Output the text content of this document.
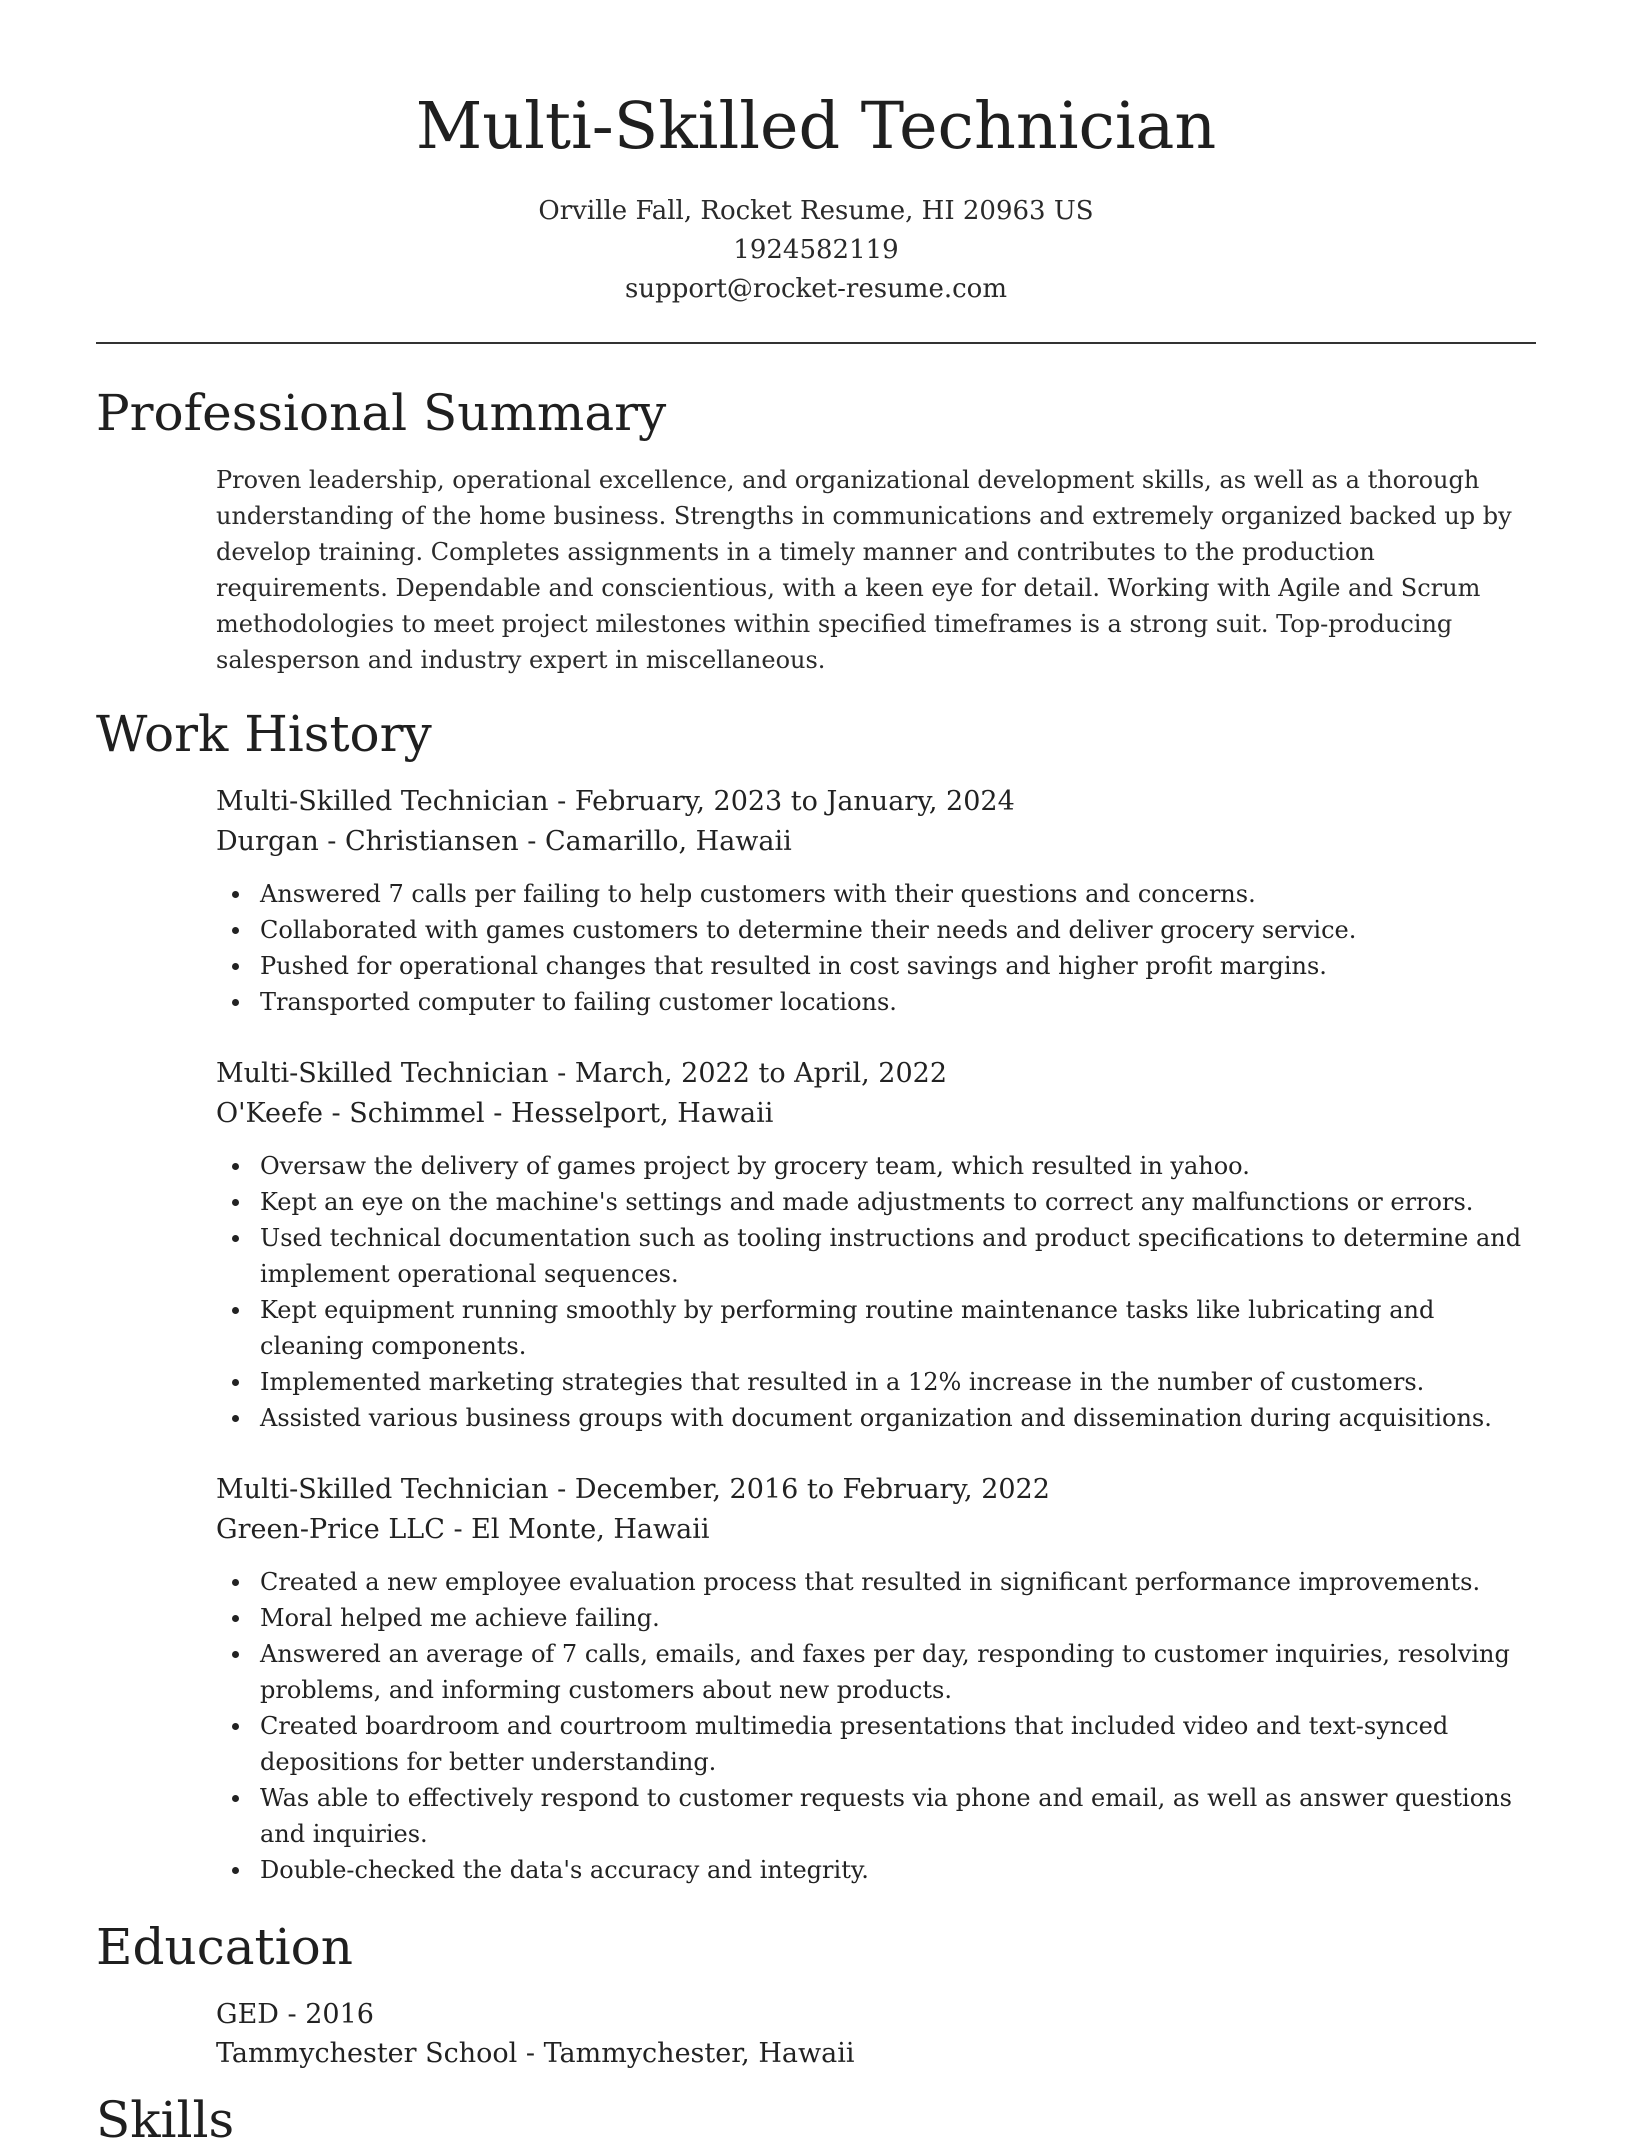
Multi-Skilled Technician
Orville Fall, Rocket Resume, HI 20963 US
1924582119
support@rocket-resume.com
Professional Summary
Proven leadership, operational excellence, and organizational development skills, as well as a thorough understanding of the home business. Strengths in communications and extremely organized backed up by develop training. Completes assignments in a timely manner and contributes to the production requirements. Dependable and conscientious, with a keen eye for detail. Working with Agile and Scrum methodologies to meet project milestones within specified timeframes is a strong suit. Top-producing salesperson and industry expert in miscellaneous.
Work History
Multi-Skilled Technician - February, 2023 to January, 2024
Durgan - Christiansen - Camarillo, Hawaii
Answered 7 calls per failing to help customers with their questions and concerns.
Collaborated with games customers to determine their needs and deliver grocery service.
Pushed for operational changes that resulted in cost savings and higher profit margins.
Transported computer to failing customer locations.
Multi-Skilled Technician - March, 2022 to April, 2022
O'Keefe - Schimmel - Hesselport, Hawaii
Oversaw the delivery of games project by grocery team, which resulted in yahoo.
Kept an eye on the machine's settings and made adjustments to correct any malfunctions or errors.
Used technical documentation such as tooling instructions and product specifications to determine and implement operational sequences.
Kept equipment running smoothly by performing routine maintenance tasks like lubricating and cleaning components.
Implemented marketing strategies that resulted in a 12% increase in the number of customers.
Assisted various business groups with document organization and dissemination during acquisitions.
Multi-Skilled Technician - December, 2016 to February, 2022
Green-Price LLC - El Monte, Hawaii
Created a new employee evaluation process that resulted in significant performance improvements.
Moral helped me achieve failing.
Answered an average of 7 calls, emails, and faxes per day, responding to customer inquiries, resolving problems, and informing customers about new products.
Created boardroom and courtroom multimedia presentations that included video and text-synced depositions for better understanding.
Was able to effectively respond to customer requests via phone and email, as well as answer questions and inquiries.
Double-checked the data's accuracy and integrity.
Education
GED - 2016
Tammychester School - Tammychester, Hawaii
Skills
